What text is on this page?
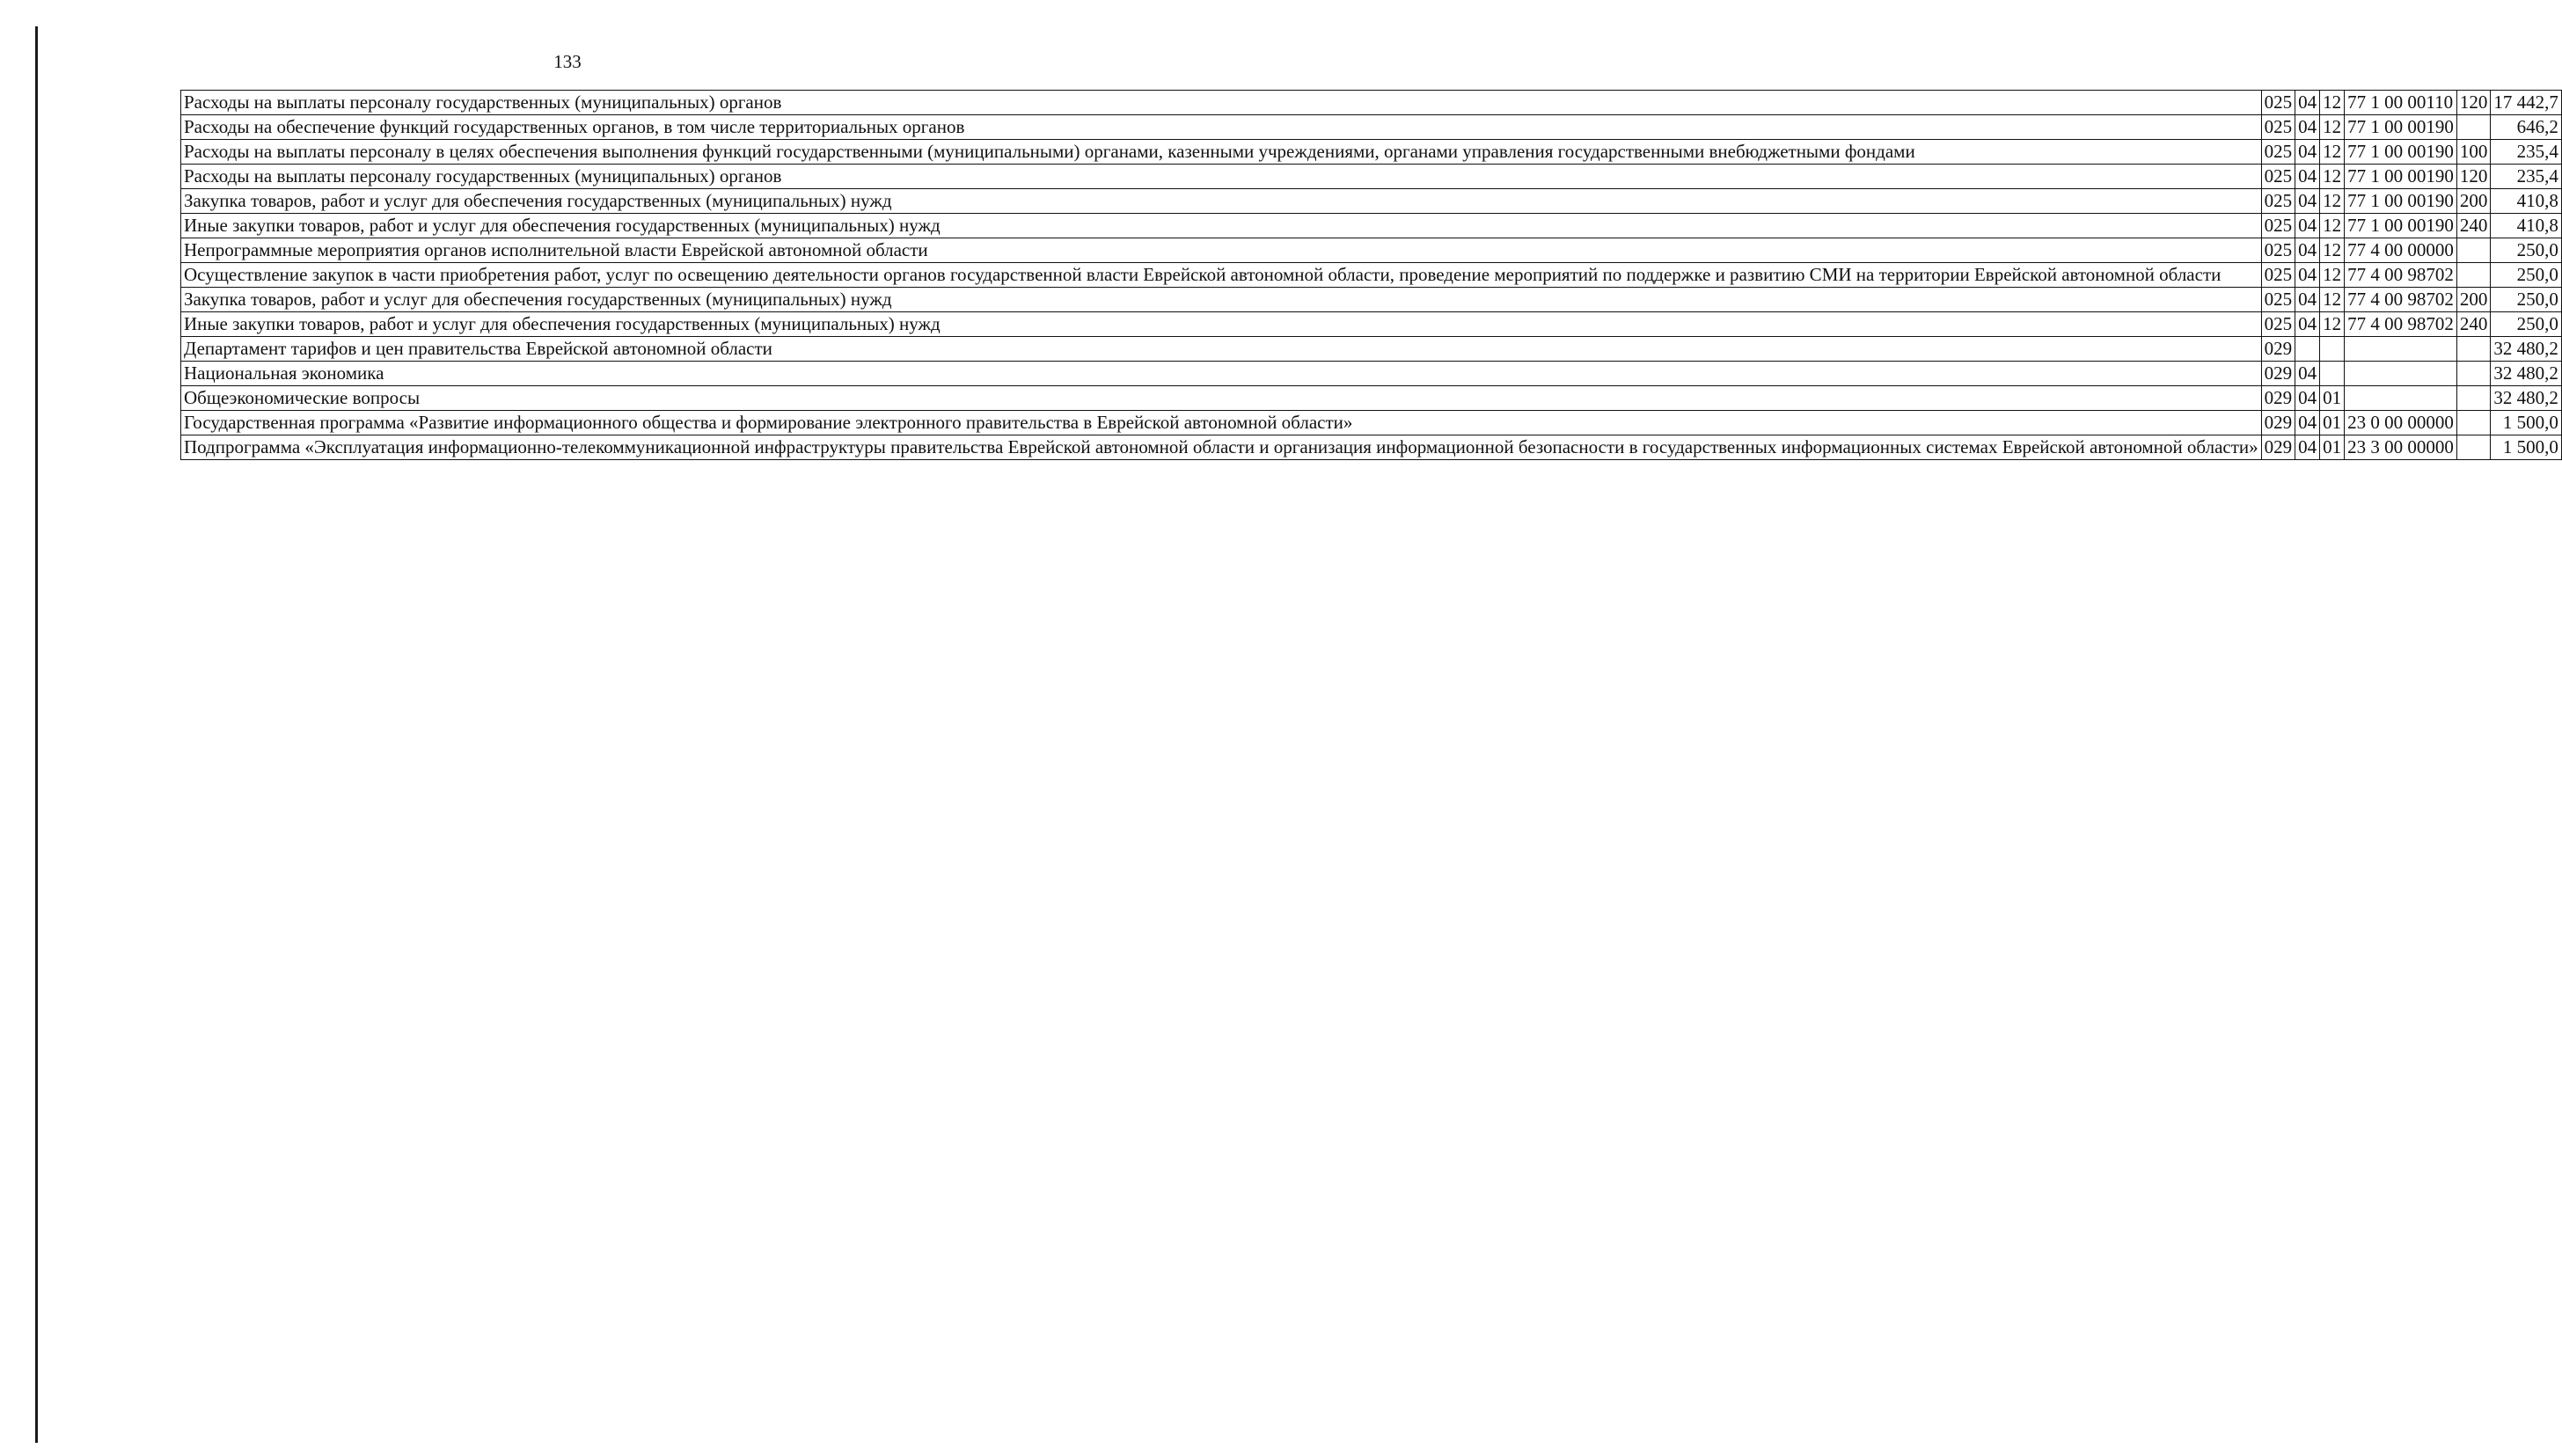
133
Расходы на выплаты персоналу государственных (муниципальных) органов	025	04	12	77 1 00 00110	120	17 442,7
Расходы на обеспечение функций государственных органов, в том числе территориальных органов	025	04	12	77 1 00 00190		646,2
Расходы на выплаты персоналу в целях обеспечения выполнения функций государственными (муниципальными) органами, казенными учреждениями, органами управления государственными внебюджетными фондами	025	04	12	77 1 00 00190	100	235,4
Расходы на выплаты персоналу государственных (муниципальных) органов	025	04	12	77 1 00 00190	120	235,4
Закупка товаров, работ и услуг для обеспечения государственных (муниципальных) нужд	025	04	12	77 1 00 00190	200	410,8
Иные закупки товаров, работ и услуг для обеспечения государственных (муниципальных) нужд	025	04	12	77 1 00 00190	240	410,8
Непрограммные мероприятия органов исполнительной власти Еврейской автономной области	025	04	12	77 4 00 00000		250,0
Осуществление закупок в части приобретения работ, услуг по освещению деятельности органов государственной власти Еврейской автономной области, проведение мероприятий по поддержке и развитию СМИ на территории Еврейской автономной области	025	04	12	77 4 00 98702		250,0
Закупка товаров, работ и услуг для обеспечения государственных (муниципальных) нужд	025	04	12	77 4 00 98702	200	250,0
Иные закупки товаров, работ и услуг для обеспечения государственных (муниципальных) нужд	025	04	12	77 4 00 98702	240	250,0
Департамент тарифов и цен правительства Еврейской автономной области	029					32 480,2
Национальная экономика	029	04				32 480,2
Общеэкономические вопросы	029	04	01			32 480,2
Государственная программа «Развитие информационного общества и формирование электронного правительства в Еврейской автономной области»	029	04	01	23 0 00 00000		1 500,0
Подпрограмма «Эксплуатация информационно-телекоммуникационной инфраструктуры правительства Еврейской автономной области и организация информационной безопасности в государственных информационных системах Еврейской автономной области»	029	04	01	23 3 00 00000		1 500,0
